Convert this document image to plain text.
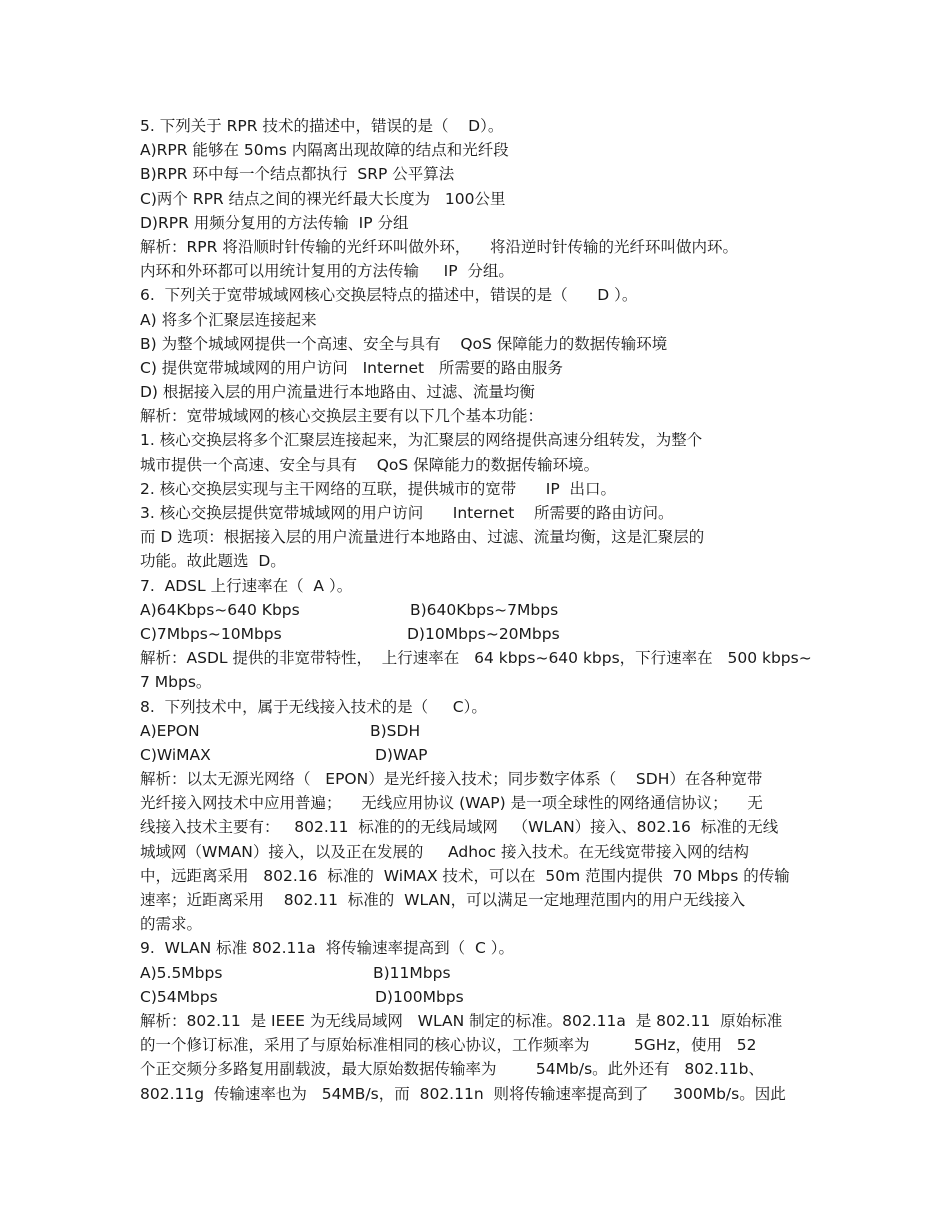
5. 下列关于 RPR 技术的描述中，错误的是（    D）。
A)RPR 能够在 50ms 内隔离出现故障的结点和光纤段
B)RPR 环中每一个结点都执行  SRP 公平算法
C)两个 RPR 结点之间的裸光纤最大长度为   100公里
D)RPR 用频分复用的方法传输  IP 分组
解析：RPR 将沿顺时针传输的光纤环叫做外环，    将沿逆时针传输的光纤环叫做内环。
内环和外环都可以用统计复用的方法传输     IP  分组。
6.  下列关于宽带城域网核心交换层特点的描述中，错误的是（      D ）。
A) 将多个汇聚层连接起来
B) 为整个城域网提供一个高速、安全与具有    QoS 保障能力的数据传输环境
C) 提供宽带城域网的用户访问   Internet   所需要的路由服务
D) 根据接入层的用户流量进行本地路由、过滤、流量均衡
解析：宽带城域网的核心交换层主要有以下几个基本功能：
1. 核心交换层将多个汇聚层连接起来，为汇聚层的网络提供高速分组转发，为整个
城市提供一个高速、安全与具有    QoS 保障能力的数据传输环境。
2. 核心交换层实现与主干网络的互联，提供城市的宽带      IP  出口。
3. 核心交换层提供宽带城域网的用户访问      Internet    所需要的路由访问。
而 D 选项：根据接入层的用户流量进行本地路由、过滤、流量均衡，这是汇聚层的
功能。故此题选  D。
7.  ADSL 上行速率在（  A ）。

A)64Kbps~640 Kbps

	B)640Kbps~7Mbps

C)7Mbps~10Mbps

	D)10Mbps~20Mbps

解析：ASDL 提供的非宽带特性，  上行速率在   64 kbps~640 kbps，下行速率在   500 kbps~
7 Mbps。
8.  下列技术中，属于无线接入技术的是（     C）。

A)EPON

	B)SDH

C)WiMAX

	D)WAP

解析：以太无源光网络（   EPON）是光纤接入技术；同步数字体系（    SDH）在各种宽带
光纤接入网技术中应用普遍；    无线应用协议 (WAP) 是一项全球性的网络通信协议；    无
线接入技术主要有：   802.11  标准的的无线局域网   （WLAN）接入、802.16  标准的无线
城域网（WMAN）接入，以及正在发展的     Adhoc 接入技术。在无线宽带接入网的结构
中，远距离采用   802.16  标准的  WiMAX 技术，可以在  50m 范围内提供  70 Mbps 的传输
速率；近距离采用    802.11  标准的  WLAN，可以满足一定地理范围内的用户无线接入
的需求。
9.  WLAN 标准 802.11a  将传输速率提高到（  C ）。

A)5.5Mbps

	B)11Mbps

C)54Mbps

	D)100Mbps

解析：802.11  是 IEEE 为无线局域网   WLAN 制定的标准。802.11a  是 802.11  原始标准
的一个修订标准，采用了与原始标准相同的核心协议，工作频率为         5GHz，使用   52
个正交频分多路复用副载波，最大原始数据传输率为        54Mb/s。此外还有   802.11b、
802.11g  传输速率也为   54MB/s，而  802.11n  则将传输速率提高到了     300Mb/s。因此
